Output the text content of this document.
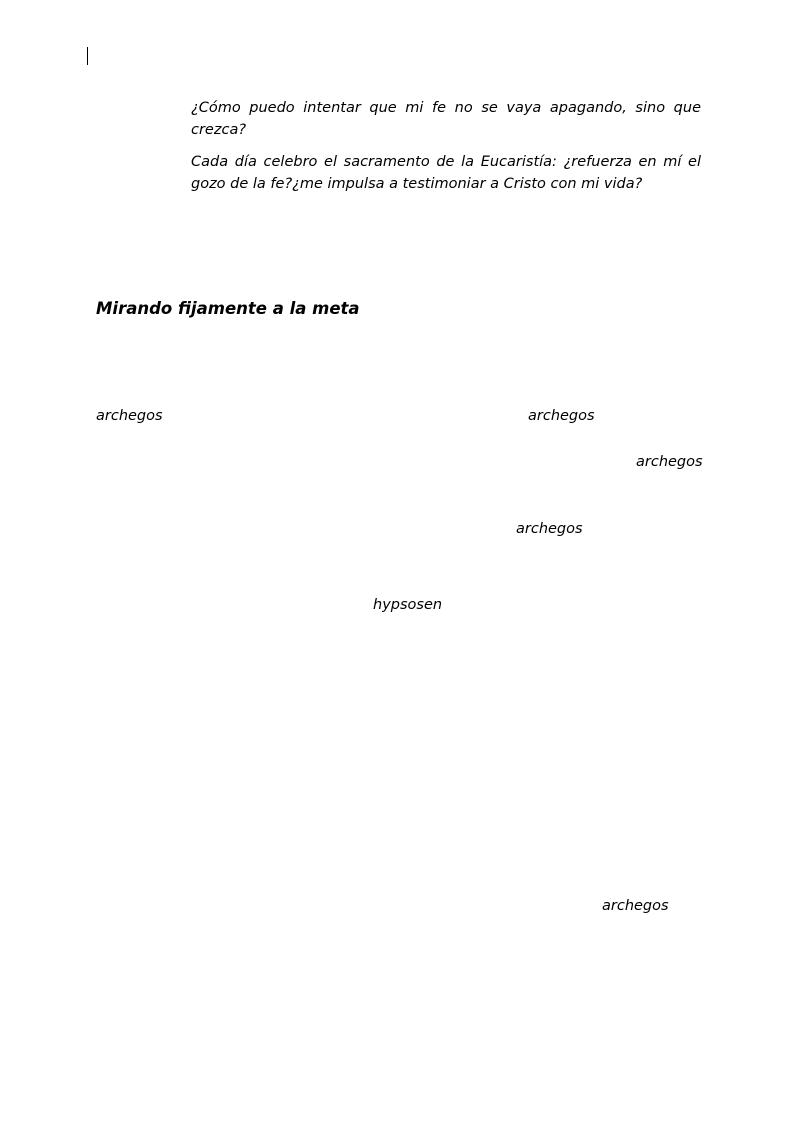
¿Cómo puedo intentar que mi fe no se vaya apagando, sino que crezca?

Cada día celebro el sacramento de la Eucaristía: ¿refuerza en mí el gozo de la fe?¿me impulsa a testimoniar a Cristo con mi vida?

Mirando fijamente a la meta
archegos	archegos
archegos
archegos
hypsosen
archegos
